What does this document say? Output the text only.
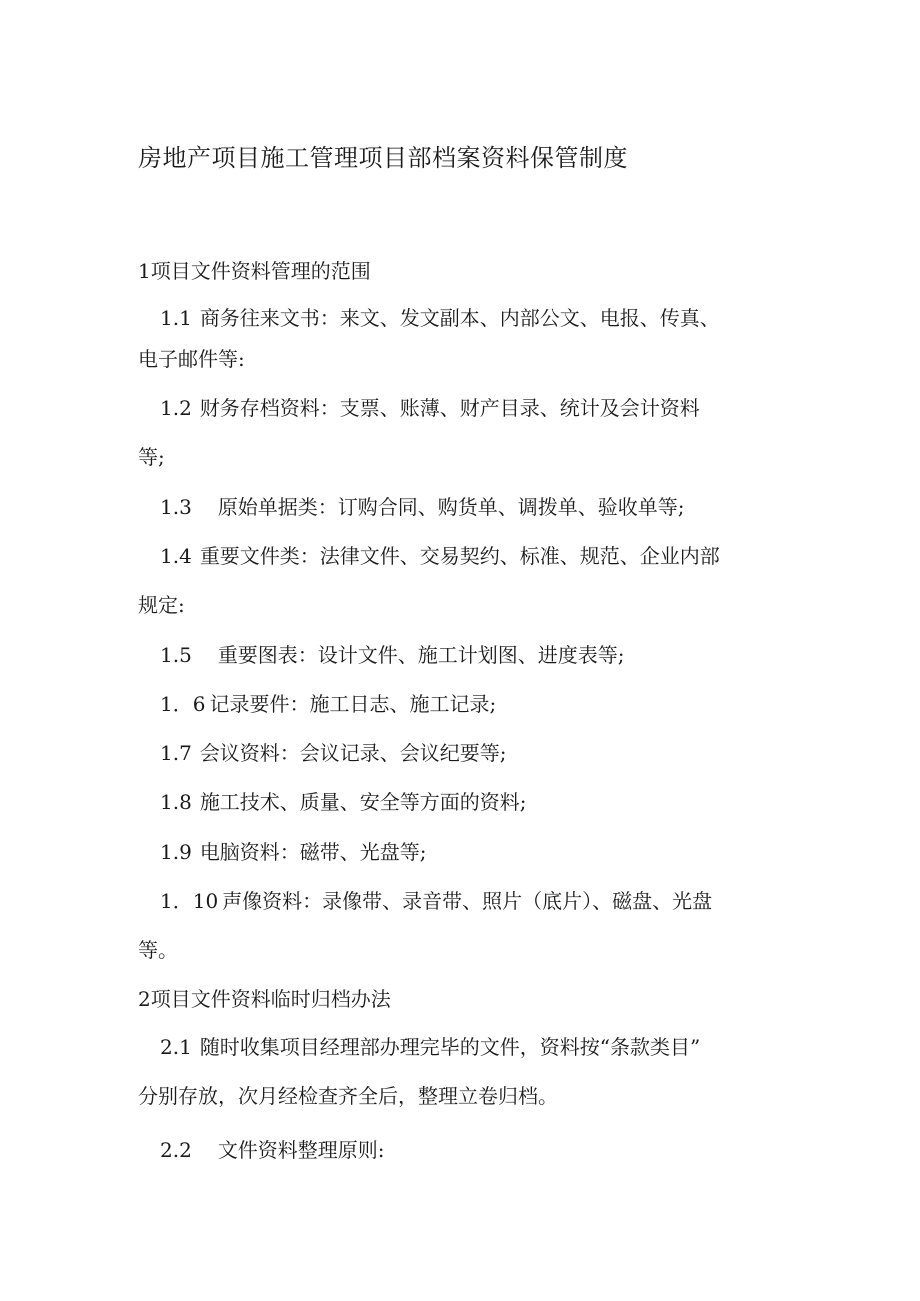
房地产项目施工管理项目部档案资料保管制度
1项目文件资料管理的范围
1.1 商务往来文书：来文、发文副本、内部公文、电报、传真、
电子邮件等:
1.2 财务存档资料：支票、账薄、财产目录、统计及会计资料
等;
1.3 原始单据类：订购合同、购货单、调拨单、验收单等;
1.4 重要文件类：法律文件、交易契约、标准、规范、企业内部
规定:
1.5 重要图表：设计文件、施工计划图、进度表等;
1．6 记录要件：施工日志、施工记录;
1.7 会议资料：会议记录、会议纪要等;
1.8 施工技术、质量、安全等方面的资料;
1.9 电脑资料：磁带、光盘等;
1．10 声像资料：录像带、录音带、照片（底片）、磁盘、光盘
等。
2项目文件资料临时归档办法
2.1 随时收集项目经理部办理完毕的文件，资料按“条款类目”
分别存放，次月经检查齐全后，整理立卷归档。
2.2 文件资料整理原则:
